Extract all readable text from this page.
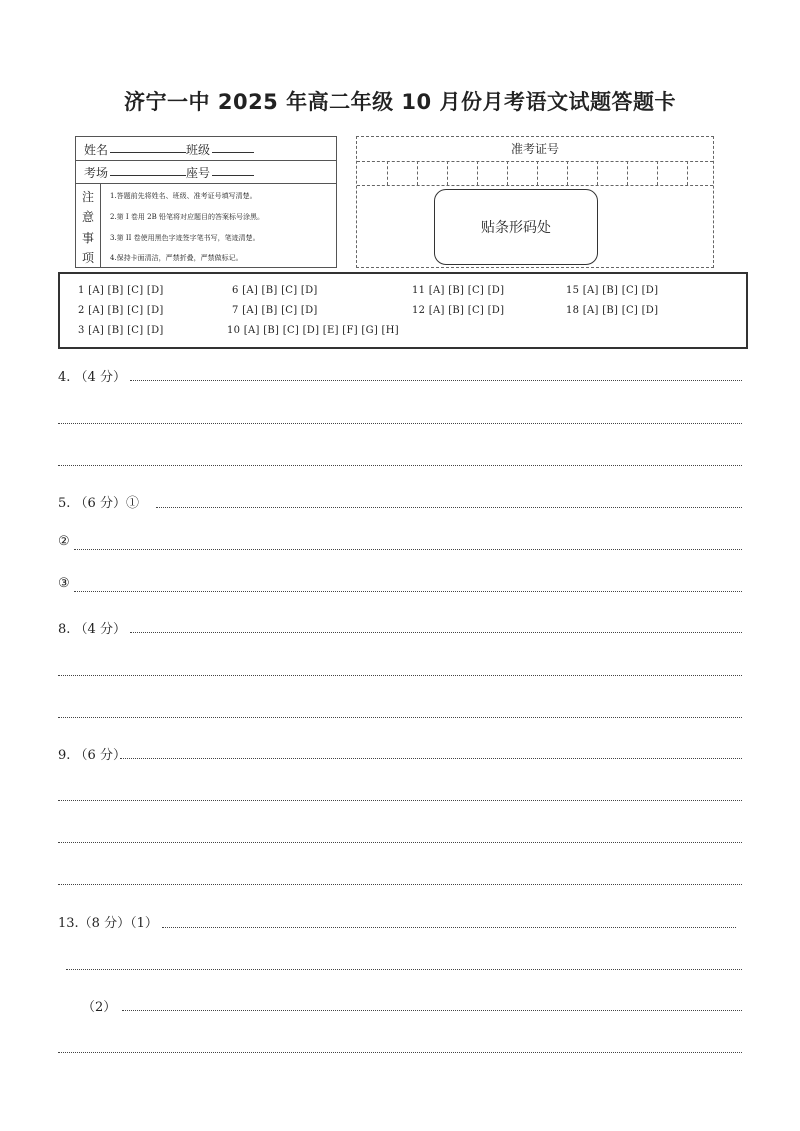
济宁一中 2025 年高二年级 10 月份月考语文试题答题卡
姓名	班级
考场	座号
注
意
事
项
1.答题前先将姓名、班级、准考证号填写清楚。
2.第 I 卷用 2B 铅笔将对应题目的答案标号涂黑。
3.第 II 卷使用黑色字迹签字笔书写，笔迹清楚。
4.保持卡面清洁，严禁折叠，严禁做标记。
准考证号
贴条形码处
1 [A] [B] [C] [D]
2 [A] [B] [C] [D]
3 [A] [B] [C] [D]
6 [A] [B] [C] [D]
7 [A] [B] [C] [D]
10 [A] [B] [C] [D] [E] [F] [G] [H]
11 [A] [B] [C] [D]
12 [A] [B] [C] [D]
15 [A] [B] [C] [D]
18 [A] [B] [C] [D]
4. （4 分）
5. （6 分）①
②
③
8. （4 分）
9. （6 分）
13.（8 分）（1）
（2）
